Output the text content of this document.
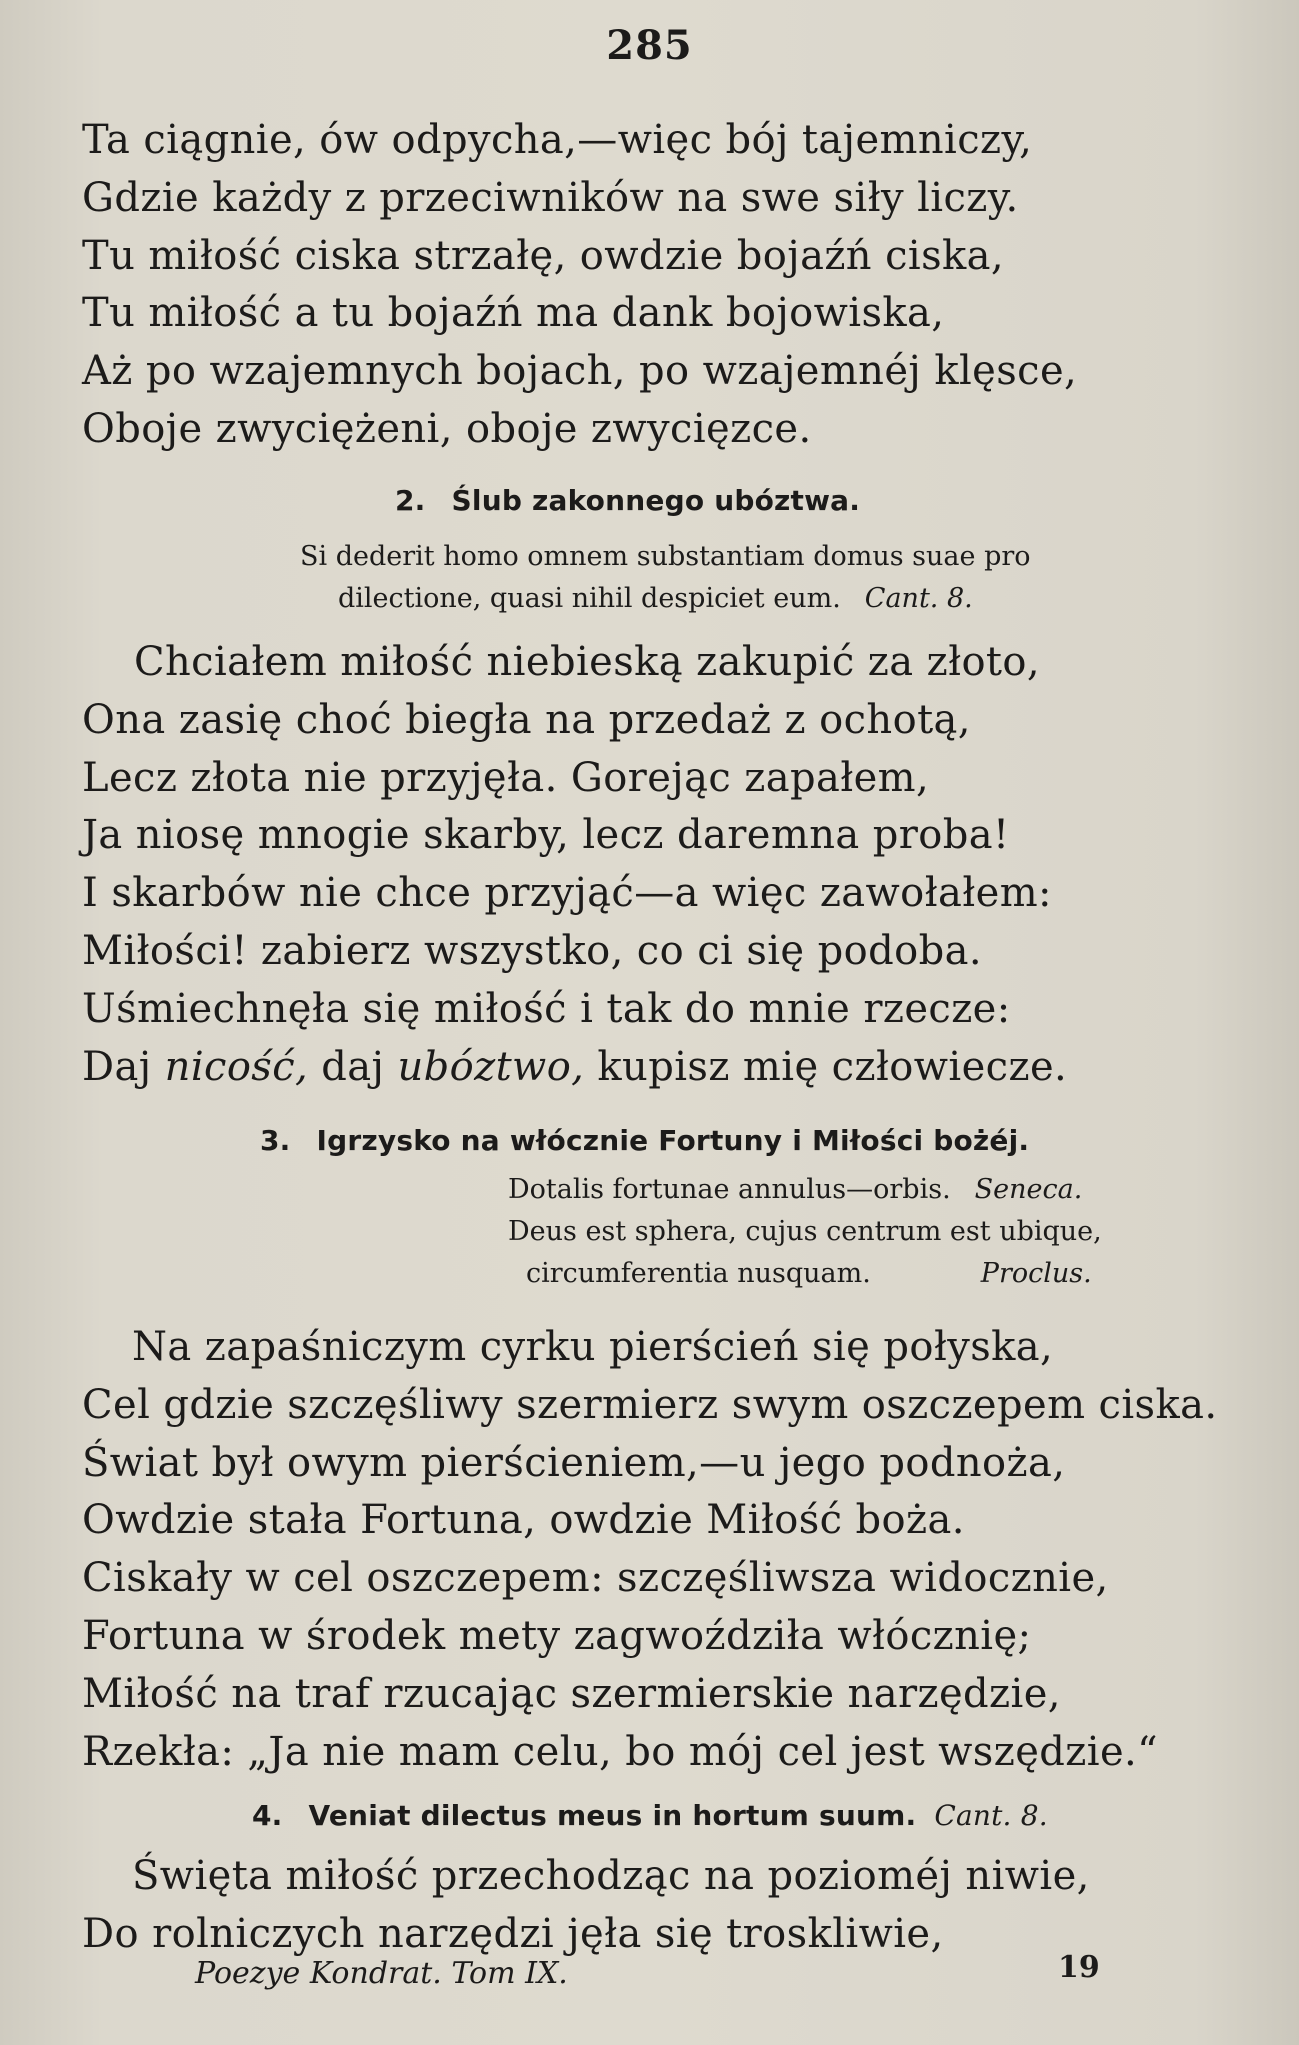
285
Ta ciągnie, ów odpycha,—więc bój tajemniczy,
Gdzie każdy z przeciwników na swe siły liczy.
Tu miłość ciska strzałę, owdzie bojaźń ciska,
Tu miłość a tu bojaźń ma dank bojowiska,
Aż po wzajemnych bojach, po wzajemnéj klęsce,
Oboje zwyciężeni, oboje zwycięzce.
2. Ślub zakonnego ubóztwa.
Si dederit homo omnem substantiam domus suae pro
dilectione, quasi nihil despiciet eum. Cant. 8.
Chciałem miłość niebieską zakupić za złoto,
Ona zasię choć biegła na przedaż z ochotą,
Lecz złota nie przyjęła. Gorejąc zapałem,
Ja niosę mnogie skarby, lecz daremna proba!
I skarbów nie chce przyjąć—a więc zawołałem:
Miłości! zabierz wszystko, co ci się podoba.
Uśmiechnęła się miłość i tak do mnie rzecze:
Daj nicość, daj ubóztwo, kupisz mię człowiecze.
3. Igrzysko na włócznie Fortuny i Miłości bożéj.
Dotalis fortunae annulus—orbis. Seneca.
Deus est sphera, cujus centrum est ubique,
circumferentia nusquam.	Proclus.
Na zapaśniczym cyrku pierścień się połyska,
Cel gdzie szczęśliwy szermierz swym oszczepem ciska.
Świat był owym pierścieniem,—u jego podnoża,
Owdzie stała Fortuna, owdzie Miłość boża.
Ciskały w cel oszczepem: szczęśliwsza widocznie,
Fortuna w środek mety zagwoździła włócznię;
Miłość na traf rzucając szermierskie narzędzie,
Rzekła: „Ja nie mam celu, bo mój cel jest wszędzie.“
4. Veniat dilectus meus in hortum suum. Cant. 8.
Święta miłość przechodząc na pozioméj niwie,
Do rolniczych narzędzi jęła się troskliwie,
Poezye Kondrat. Tom IX.	19
